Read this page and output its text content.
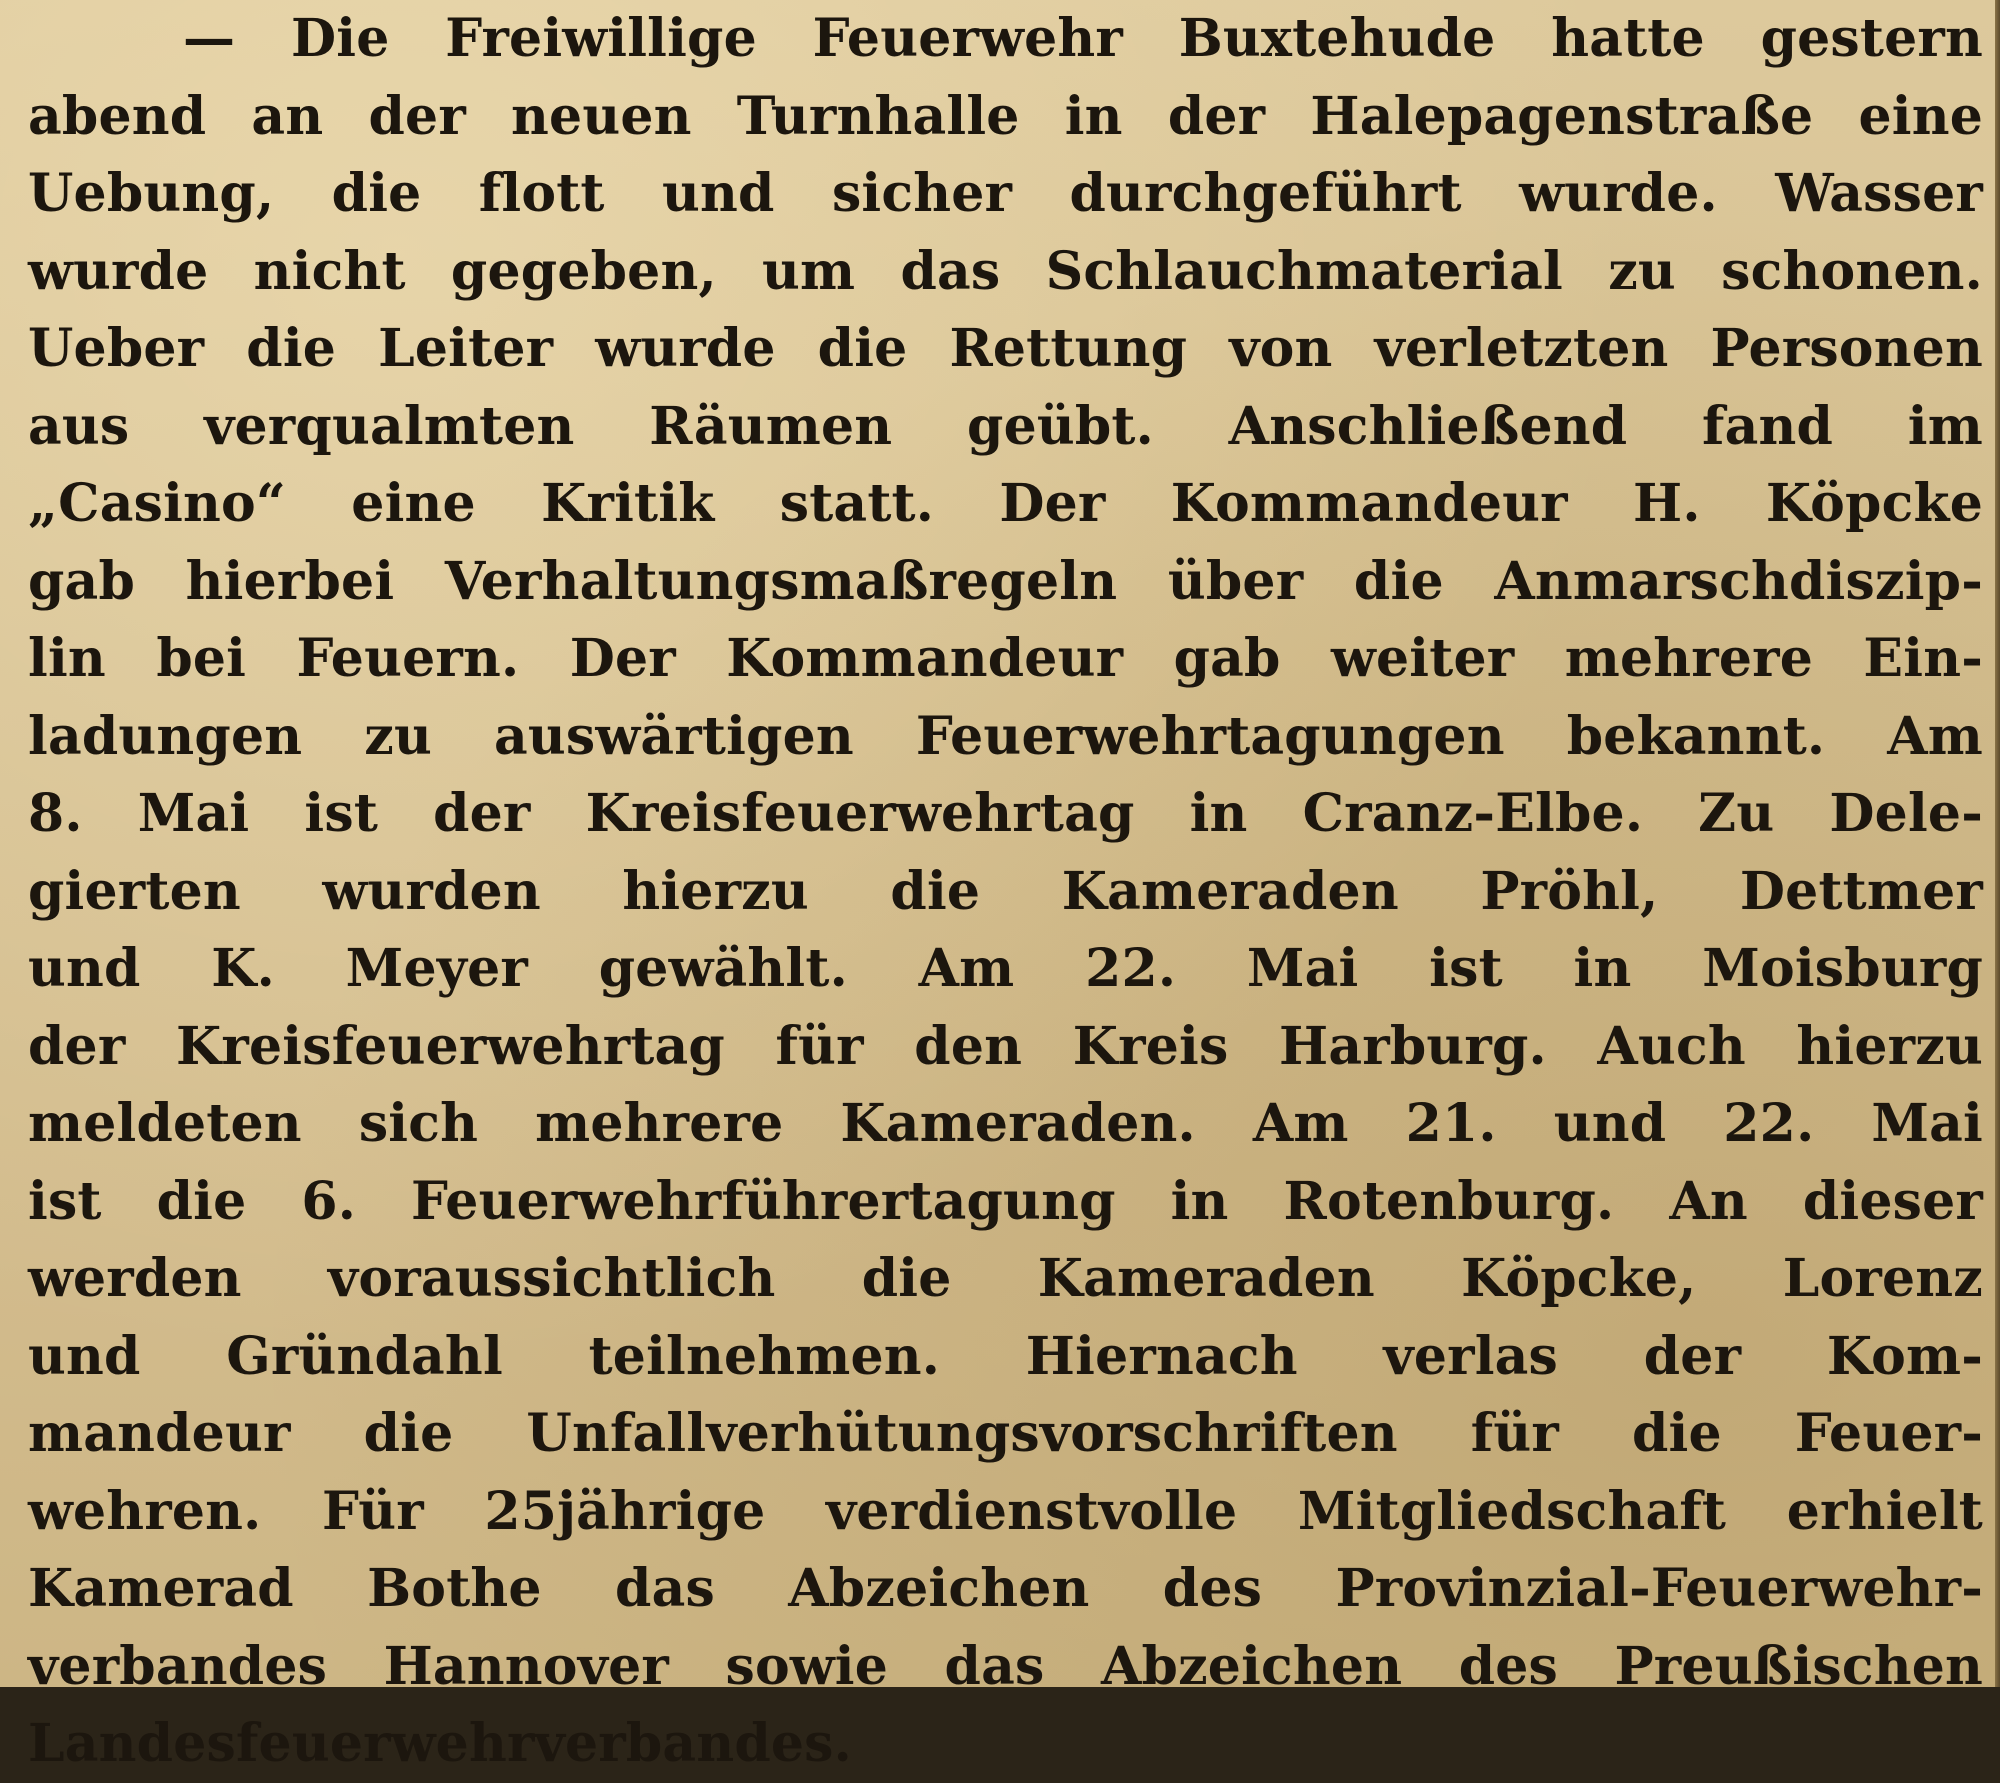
— Die Freiwillige Feuerwehr Buxtehude hatte gestern
abend an der neuen Turnhalle in der Halepagenstraße eine
Uebung, die flott und sicher durchgeführt wurde. Wasser
wurde nicht gegeben, um das Schlauchmaterial zu schonen.
Ueber die Leiter wurde die Rettung von verletzten Personen
aus verqualmten Räumen geübt. Anschließend fand im
„Casino“ eine Kritik statt. Der Kommandeur H. Köpcke
gab hierbei Verhaltungsmaßregeln über die Anmarschdiszip-
lin bei Feuern. Der Kommandeur gab weiter mehrere Ein-
ladungen zu auswärtigen Feuerwehrtagungen bekannt. Am
8. Mai ist der Kreisfeuerwehrtag in Cranz-Elbe. Zu Dele-
gierten wurden hierzu die Kameraden Pröhl, Dettmer
und K. Meyer gewählt. Am 22. Mai ist in Moisburg
der Kreisfeuerwehrtag für den Kreis Harburg. Auch hierzu
meldeten sich mehrere Kameraden. Am 21. und 22. Mai
ist die 6. Feuerwehrführertagung in Rotenburg. An dieser
werden voraussichtlich die Kameraden Köpcke, Lorenz
und Gründahl teilnehmen. Hiernach verlas der Kom-
mandeur die Unfallverhütungsvorschriften für die Feuer-
wehren. Für 25jährige verdienstvolle Mitgliedschaft erhielt
Kamerad Bothe das Abzeichen des Provinzial-Feuerwehr-
verbandes Hannover sowie das Abzeichen des Preußischen
Landesfeuerwehrverbandes.
